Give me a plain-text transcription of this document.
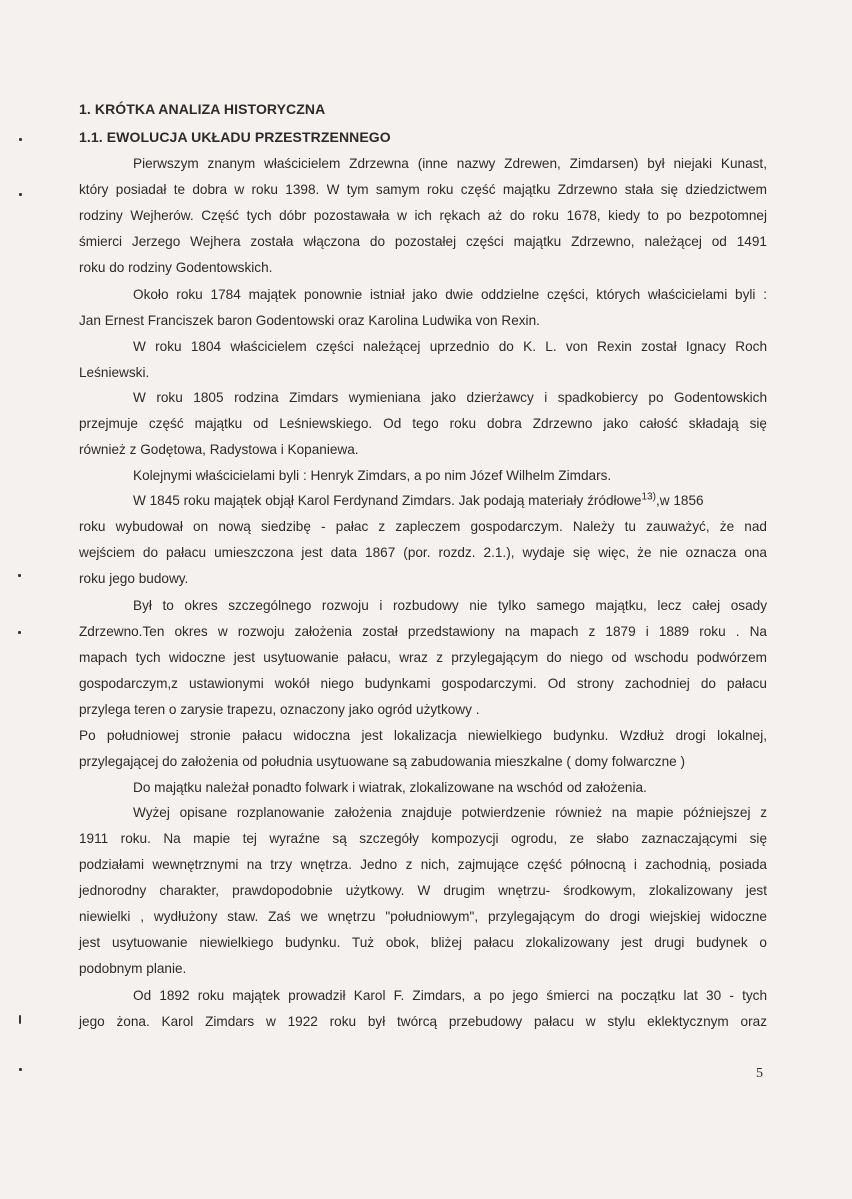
1. KRÓTKA ANALIZA HISTORYCZNA
1.1. EWOLUCJA UKŁADU PRZESTRZENNEGO
Pierwszym znanym właścicielem Zdrzewna (inne nazwy Zdrewen, Zimdarsen) był niejaki Kunast,
który posiadał te dobra w roku 1398. W tym samym roku część majątku Zdrzewno stała się dziedzictwem
rodziny Wejherów. Część tych dóbr pozostawała w ich rękach aż do roku 1678, kiedy to po bezpotomnej
śmierci Jerzego Wejhera została włączona do pozostałej części majątku Zdrzewno, należącej od 1491
roku do rodziny Godentowskich.
Około roku 1784 majątek ponownie istniał jako dwie oddzielne części, których właścicielami byli :
Jan Ernest Franciszek baron Godentowski oraz Karolina Ludwika von Rexin.
W roku 1804 właścicielem części należącej uprzednio do K. L. von Rexin został Ignacy Roch
Leśniewski.
W roku 1805 rodzina Zimdars wymieniana jako dzierżawcy i spadkobiercy po Godentowskich
przejmuje część majątku od Leśniewskiego. Od tego roku dobra Zdrzewno jako całość składają się
również z Godętowa, Radystowa i Kopaniewa.
Kolejnymi właścicielami byli : Henryk Zimdars, a po nim Józef Wilhelm Zimdars.
W 1845 roku majątek objął Karol Ferdynand Zimdars. Jak podają materiały źródłowe$^{13)}$,w 1856
roku wybudował on nową siedzibę - pałac z zapleczem gospodarczym. Należy tu zauważyć, że nad
wejściem do pałacu umieszczona jest data 1867 (por. rozdz. 2.1.), wydaje się więc, że nie oznacza ona
roku jego budowy.
Był to okres szczególnego rozwoju i rozbudowy nie tylko samego majątku, lecz całej osady
Zdrzewno.Ten okres w rozwoju założenia został przedstawiony na mapach z 1879 i 1889 roku . Na
mapach tych widoczne jest usytuowanie pałacu, wraz z przylegającym do niego od wschodu podwórzem
gospodarczym,z ustawionymi wokół niego budynkami gospodarczymi. Od strony zachodniej do pałacu
przylega teren o zarysie trapezu, oznaczony jako ogród użytkowy .
Po południowej stronie pałacu widoczna jest lokalizacja niewielkiego budynku. Wzdłuż drogi lokalnej,
przylegającej do założenia od południa usytuowane są zabudowania mieszkalne ( domy folwarczne )
Do majątku należał ponadto folwark i wiatrak, zlokalizowane na wschód od założenia.
Wyżej opisane rozplanowanie założenia znajduje potwierdzenie również na mapie późniejszej z
1911 roku. Na mapie tej wyraźne są szczegóły kompozycji ogrodu, ze słabo zaznaczającymi się
podziałami wewnętrznymi na trzy wnętrza. Jedno z nich, zajmujące część północną i zachodnią, posiada
jednorodny charakter, prawdopodobnie użytkowy. W drugim wnętrzu- środkowym, zlokalizowany jest
niewielki , wydłużony staw. Zaś we wnętrzu "południowym", przylegającym do drogi wiejskiej widoczne
jest usytuowanie niewielkiego budynku. Tuż obok, bliżej pałacu zlokalizowany jest drugi budynek o
podobnym planie.
Od 1892 roku majątek prowadził Karol F. Zimdars, a po jego śmierci na początku lat 30 - tych
jego żona. Karol Zimdars w 1922 roku był twórcą przebudowy pałacu w stylu eklektycznym oraz
5
